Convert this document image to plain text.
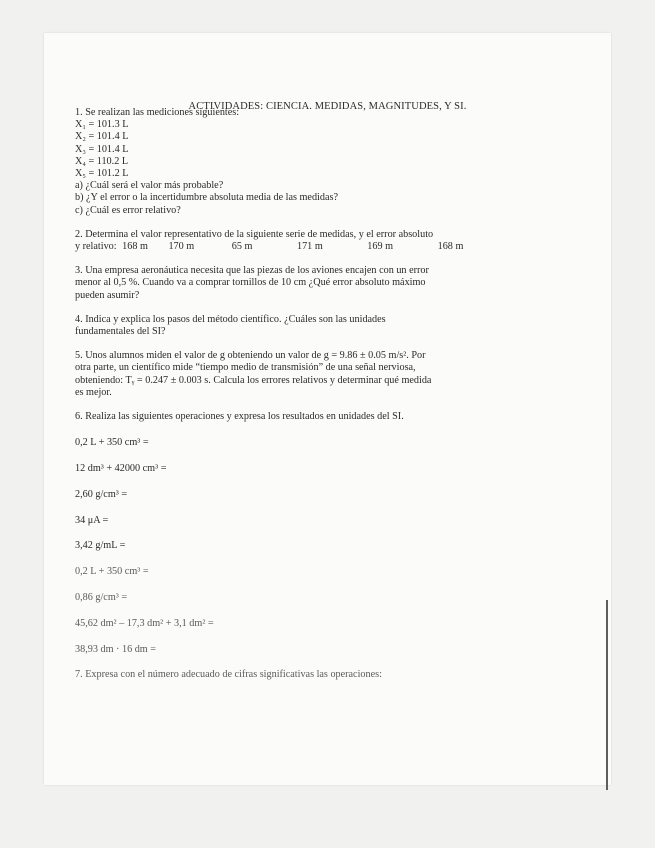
ACTIVIDADES: CIENCIA. MEDIDAS, MAGNITUDES, Y SI.
1. Se realizan las mediciones siguientes:
X₁ = 101.3 L
X₂ = 101.4 L
X₃ = 101.4 L
X₄ = 110.2 L
X₅ = 101.2 L
a) ¿Cuál será el valor más probable?
b) ¿Y el error o la incertidumbre absoluta media de las medidas?
c) ¿Cuál es error relativo?
2. Determina el valor representativo de la siguiente serie de medidas, y el error absoluto
y relativo: 168 m 170 m	65 m	171 m	169 m	168 m
3. Una empresa aeronáutica necesita que las piezas de los aviones encajen con un error
menor al 0,5 %. Cuando va a comprar tornillos de 10 cm ¿Qué error absoluto máximo
pueden asumir?
4. Indica y explica los pasos del método científico. ¿Cuáles son las unidades
fundamentales del SI?
5. Unos alumnos miden el valor de g obteniendo un valor de g = 9.86 ± 0.05 m/s². Por
otra parte, un científico mide “tiempo medio de transmisión” de una señal nerviosa,
obteniendo: Tᵧ = 0.247 ± 0.003 s. Calcula los errores relativos y determinar qué medida
es mejor.
6. Realiza las siguientes operaciones y expresa los resultados en unidades del SI.
0,2 L + 350 cm³ =
12 dm³ + 42000 cm³ =
2,60 g/cm³ =
34 μA =
3,42 g/mL =
0,2 L + 350 cm³ =
0,86 g/cm³ =
45,62 dm² – 17,3 dm² + 3,1 dm² =
38,93 dm · 16 dm =
7. Expresa con el número adecuado de cifras significativas las operaciones:
